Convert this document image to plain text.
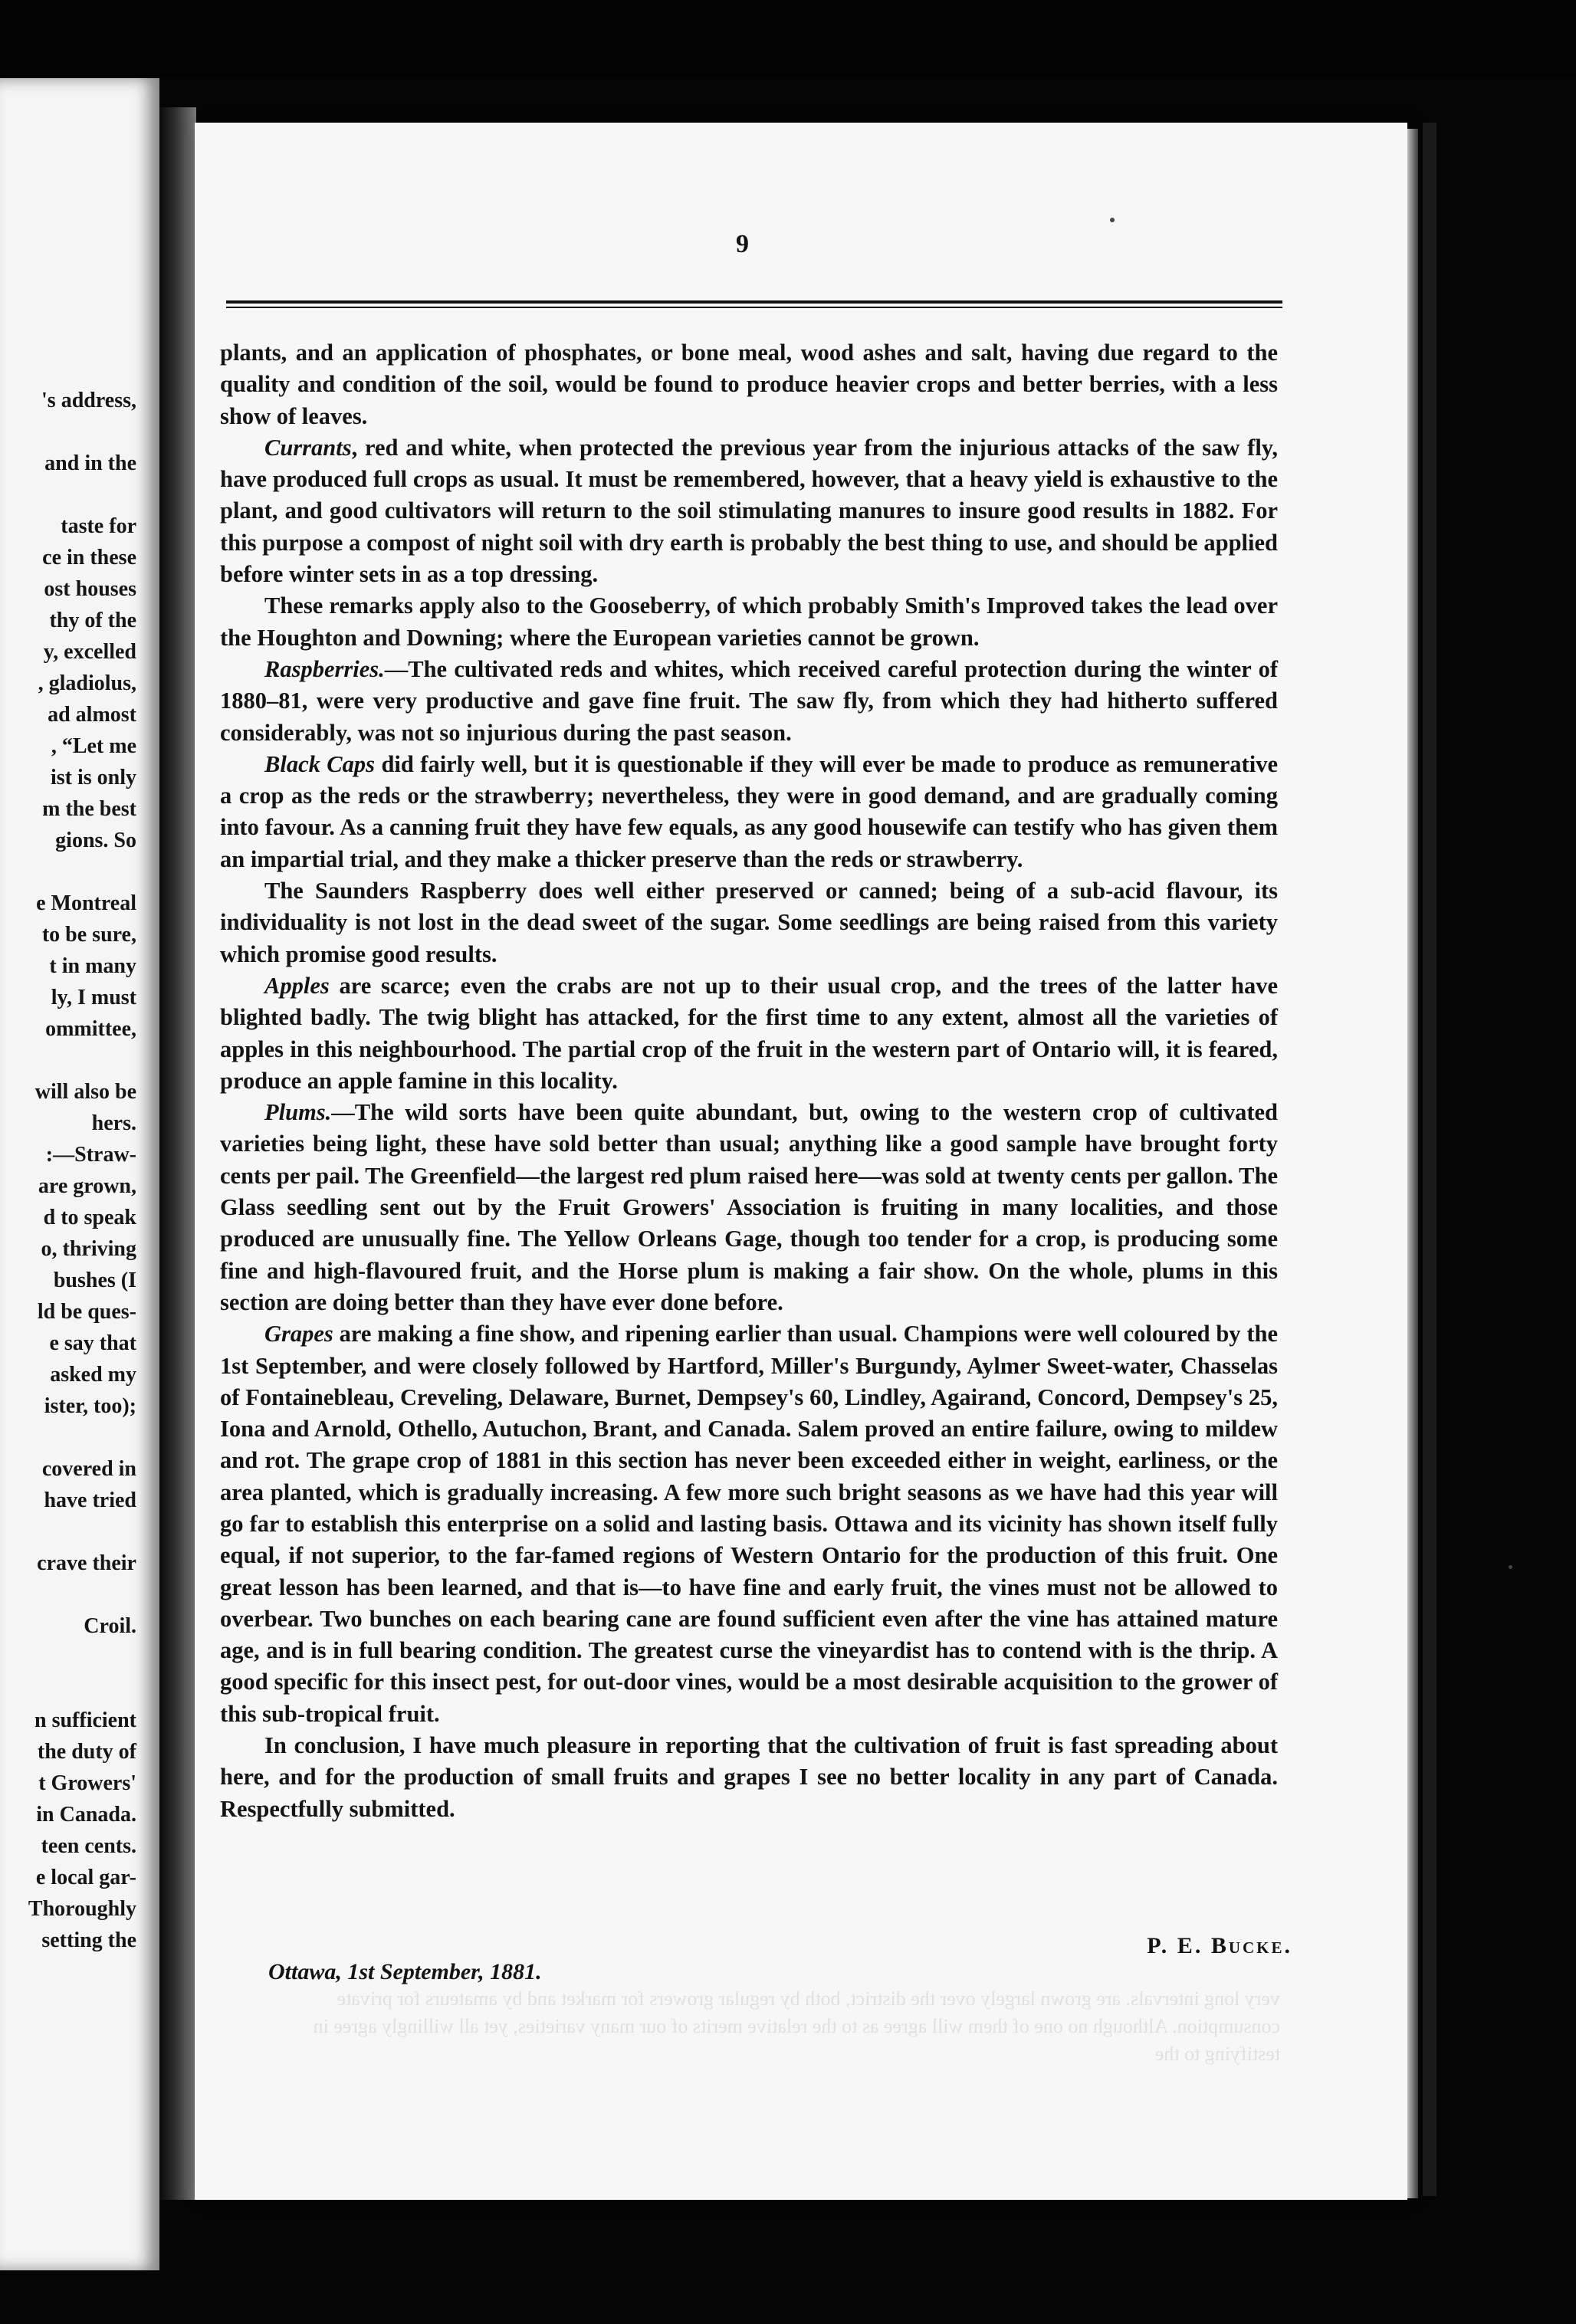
's address,

and in the

taste for
ce in these
ost houses
thy of the
y, excelled
, gladiolus,
ad almost
, “Let me
ist is only
m the best
gions. So

e Montreal
to be sure,
t in many
ly, I must
ommittee,

will also be
hers.
:—Straw-
are grown,
d to speak
o, thriving
bushes (I
ld be ques-
e say that
asked my
ister, too);

covered in
have tried

crave their

Croil.

n sufficient
the duty of
t Growers'
in Canada.
teen cents.
e local gar-
Thoroughly
setting the
9

plants, and an application of phosphates, or bone meal, wood ashes and salt, having due regard to the quality and condition of the soil, would be found to produce heavier crops and better berries, with a less show of leaves.

Currants, red and white, when protected the previous year from the injurious attacks of the saw fly, have produced full crops as usual. It must be remembered, however, that a heavy yield is exhaustive to the plant, and good cultivators will return to the soil stimulating manures to insure good results in 1882. For this purpose a compost of night soil with dry earth is probably the best thing to use, and should be applied before winter sets in as a top dressing.

These remarks apply also to the Gooseberry, of which probably Smith's Improved takes the lead over the Houghton and Downing; where the European varieties cannot be grown.

Raspberries.—The cultivated reds and whites, which received careful protection during the winter of 1880–81, were very productive and gave fine fruit. The saw fly, from which they had hitherto suffered considerably, was not so injurious during the past season.

Black Caps did fairly well, but it is questionable if they will ever be made to produce as remunerative a crop as the reds or the strawberry; nevertheless, they were in good demand, and are gradually coming into favour. As a canning fruit they have few equals, as any good housewife can testify who has given them an impartial trial, and they make a thicker preserve than the reds or strawberry.

The Saunders Raspberry does well either preserved or canned; being of a sub-acid flavour, its individuality is not lost in the dead sweet of the sugar. Some seedlings are being raised from this variety which promise good results.

Apples are scarce; even the crabs are not up to their usual crop, and the trees of the latter have blighted badly. The twig blight has attacked, for the first time to any extent, almost all the varieties of apples in this neighbourhood. The partial crop of the fruit in the western part of Ontario will, it is feared, produce an apple famine in this locality.

Plums.—The wild sorts have been quite abundant, but, owing to the western crop of cultivated varieties being light, these have sold better than usual; anything like a good sample have brought forty cents per pail. The Greenfield—the largest red plum raised here—was sold at twenty cents per gallon. The Glass seedling sent out by the Fruit Growers' Association is fruiting in many localities, and those produced are unusually fine. The Yellow Orleans Gage, though too tender for a crop, is producing some fine and high-flavoured fruit, and the Horse plum is making a fair show. On the whole, plums in this section are doing better than they have ever done before.

Grapes are making a fine show, and ripening earlier than usual. Champions were well coloured by the 1st September, and were closely followed by Hartford, Miller's Burgundy, Aylmer Sweet-water, Chasselas of Fontainebleau, Creveling, Delaware, Burnet, Dempsey's 60, Lindley, Agairand, Concord, Dempsey's 25, Iona and Arnold, Othello, Autuchon, Brant, and Canada. Salem proved an entire failure, owing to mildew and rot. The grape crop of 1881 in this section has never been exceeded either in weight, earliness, or the area planted, which is gradually increasing. A few more such bright seasons as we have had this year will go far to establish this enterprise on a solid and lasting basis. Ottawa and its vicinity has shown itself fully equal, if not superior, to the far-famed regions of Western Ontario for the production of this fruit. One great lesson has been learned, and that is—to have fine and early fruit, the vines must not be allowed to overbear. Two bunches on each bearing cane are found sufficient even after the vine has attained mature age, and is in full bearing condition. The greatest curse the vineyardist has to contend with is the thrip. A good specific for this insect pest, for out-door vines, would be a most desirable acquisition to the grower of this sub-tropical fruit.

In conclusion, I have much pleasure in reporting that the cultivation of fruit is fast spreading about here, and for the production of small fruits and grapes I see no better locality in any part of Canada. Respectfully submitted.

P. E. Bucke.
Ottawa, 1st September, 1881.
very long intervals. are grown largely over the district, both by regular growers for market and by amateurs for private consumption. Although no one of them will agree as to the relative merits of our many varieties, yet all willingly agree in testifying to the
